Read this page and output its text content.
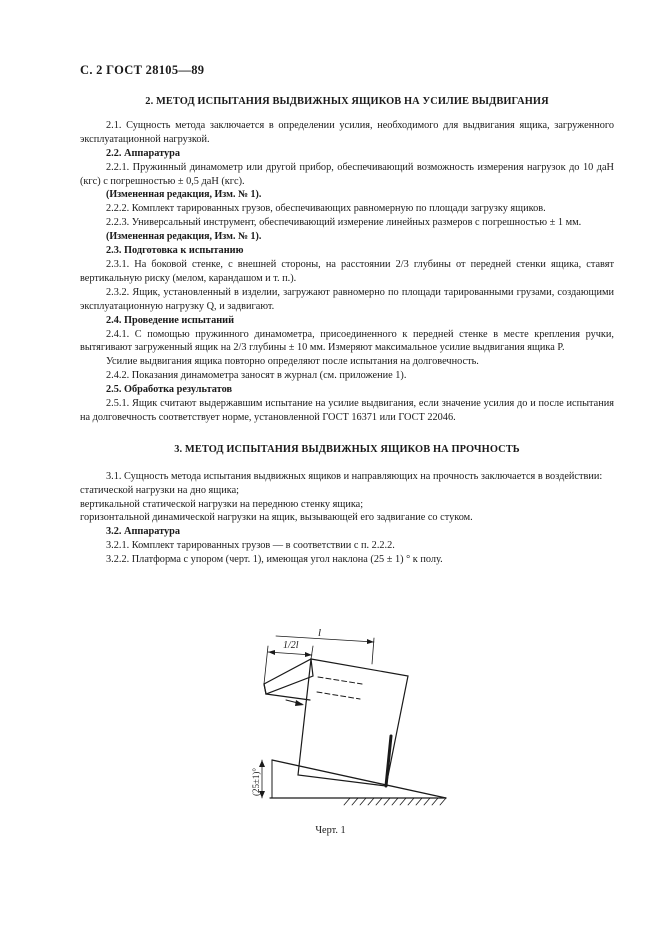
С. 2 ГОСТ 28105—89
2. МЕТОД ИСПЫТАНИЯ ВЫДВИЖНЫХ ЯЩИКОВ НА УСИЛИЕ ВЫДВИГАНИЯ

2.1. Сущность метода заключается в определении усилия, необходимого для выдвигания ящика, загруженного эксплуатационной нагрузкой.

2.2. Аппаратура

2.2.1. Пружинный динамометр или другой прибор, обеспечивающий возможность измерения нагрузок до 10 даН (кгс) с погрешностью ± 0,5 даН (кгс).

(Измененная редакция, Изм. № 1).

2.2.2. Комплект тарированных грузов, обеспечивающих равномерную по площади загрузку ящиков.

2.2.3. Универсальный инструмент, обеспечивающий измерение линейных размеров с погрешностью ± 1 мм.

(Измененная редакция, Изм. № 1).

2.3. Подготовка к испытанию

2.3.1. На боковой стенке, с внешней стороны, на расстоянии 2/3 глубины от передней стенки ящика, ставят вертикальную риску (мелом, карандашом и т. п.).

2.3.2. Ящик, установленный в изделии, загружают равномерно по площади тарированными грузами, создающими эксплуатационную нагрузку Q, и задвигают.

2.4. Проведение испытаний

2.4.1. С помощью пружинного динамометра, присоединенного к передней стенке в месте крепления ручки, вытягивают загруженный ящик на 2/3 глубины ± 10 мм. Измеряют максимальное усилие выдвигания ящика P.

Усилие выдвигания ящика повторно определяют после испытания на долговечность.

2.4.2. Показания динамометра заносят в журнал (см. приложение 1).

2.5. Обработка результатов

2.5.1. Ящик считают выдержавшим испытание на усилие выдвигания, если значение усилия до и после испытания на долговечность соответствует норме, установленной ГОСТ 16371 или ГОСТ 22046.

3. МЕТОД ИСПЫТАНИЯ ВЫДВИЖНЫХ ЯЩИКОВ НА ПРОЧНОСТЬ

3.1. Сущность метода испытания выдвижных ящиков и направляющих на прочность заключается в воздействии:

статической нагрузки на дно ящика;

вертикальной статической нагрузки на переднюю стенку ящика;

горизонтальной динамической нагрузки на ящик, вызывающей его задвигание со стуком.

3.2. Аппаратура

3.2.1. Комплект тарированных грузов — в соответствии с п. 2.2.2.

3.2.2. Платформа с упором (черт. 1), имеющая угол наклона (25 ± 1) ° к полу.

l
1/2l
(25±1)°
Черт. 1
